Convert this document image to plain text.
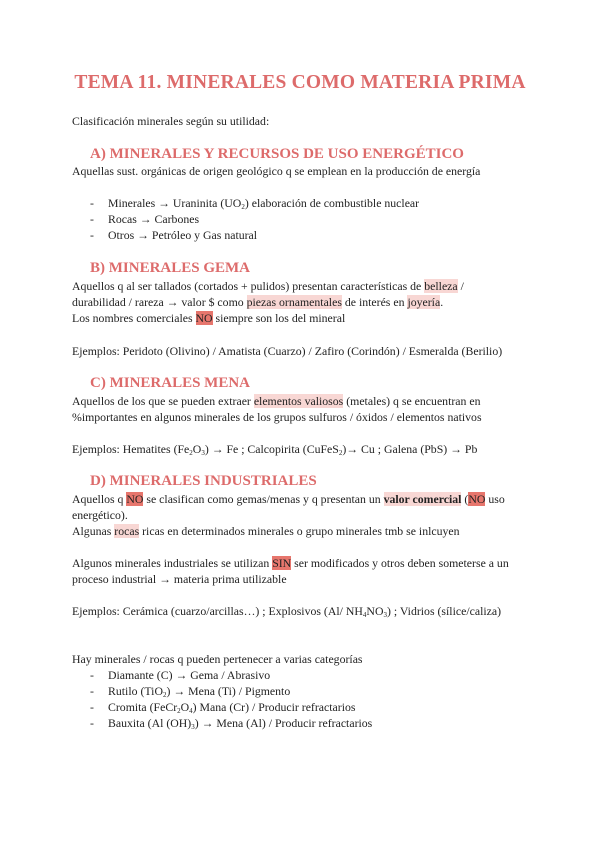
TEMA 11. MINERALES COMO MATERIA PRIMA
Clasificación minerales según su utilidad:
A) MINERALES Y RECURSOS DE USO ENERGÉTICO
Aquellas sust. orgánicas de origen geológico q se emplean en la producción de energía
- Minerales → Uraninita $(UO_2)$ elaboración de combustible nuclear
- Rocas → Carbones
- Otros → Petróleo y Gas natural
B) MINERALES GEMA
Aquellos q al ser tallados (cortados + pulidos) presentan características de belleza /
durabilidad / rareza → valor $ como piezas ornamentales de interés en joyería.
Los nombres comerciales NO siempre son los del mineral
Ejemplos: Peridoto (Olivino) / Amatista (Cuarzo) / Zafiro (Corindón) / Esmeralda (Berilio)
C) MINERALES MENA
Aquellos de los que se pueden extraer elementos valiosos (metales) q se encuentran en
%importantes en algunos minerales de los grupos sulfuros / óxidos / elementos nativos
Ejemplos: Hematites $(Fe_2O_3) \to Fe$ ; Calcopirita (CuFeS$_2$)→ Cu ; Galena (PbS) → Pb
D) MINERALES INDUSTRIALES
Aquellos q NO se clasifican como gemas/menas y q presentan un valor comercial (NO uso
energético).
Algunas rocas ricas en determinados minerales o grupo minerales tmb se inlcuyen
Algunos minerales industriales se utilizan SIN ser modificados y otros deben someterse a un
proceso industrial → materia prima utilizable
Ejemplos: Cerámica (cuarzo/arcillas…) ; Explosivos (Al/ $NH_4NO_3$) ; Vidrios (sílice/caliza)
Hay minerales / rocas q pueden pertenecer a varias categorías
- Diamante (C) → Gema / Abrasivo
- Rutilo (TiO$_2$) → Mena (Ti) / Pigmento
- Cromita $(FeCr_2O_4)$ Mana (Cr) / Producir refractarios
- Bauxita (Al $(OH)_3$) → Mena (Al) / Producir refractarios
